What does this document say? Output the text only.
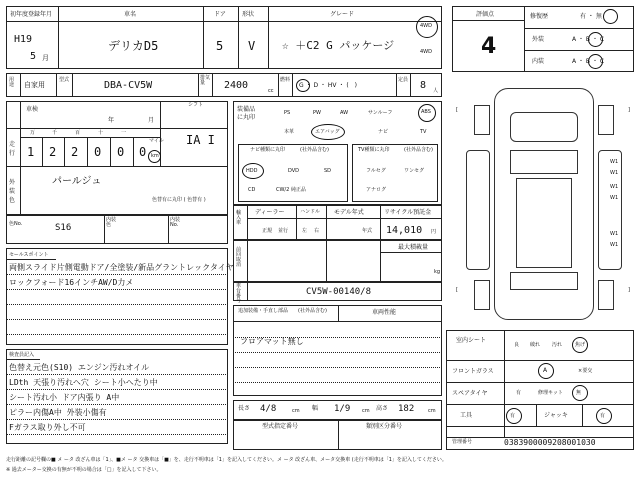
初年度登録年月
H19
5 月
車名
デリカD5
ドア
5
形状
V
グレード
☆ ＋C2 G パッケージ
4WD
4WD
用途	自家用
型式	DBA-CV5W
排気量	2400	cc
燃料
G ・ D ・ HV ・ (　)
定員 8 人
車検
年	月
シフト
IA I
走行
万	千	百	十	一
1 2 2 0 0 0
マイル
km
外装色
パールジュ
色替有に丸印 ( 色替有 )
色No.	S16
内装色
内装No.
セールスポイント
両側スライド片側電動ドア/全塗装/新品グラントレックタイヤ
ロックフォード16インチAW/D力メ
検査員記入
色替え元色(S10) エンジン汚れオイル
LDth 天張り汚れヘ穴 シート小へたり中
シート汚れ小 ドア内張り A中
ピラー内傷A中 外装小傷有
Fガラス取り外し不可
装備品に丸印
PS	PW	AW	サンルーフ	ABS
本革	エアバッグ	ナビ	TV
ナビ種類に丸印	(社外品含む)
HDD	DVD	SD
CD	CW/2 純正品
TV種類に丸印	(社外品含む)
フルセグ	ワンセグ
アナログ
輸入車
ディーラー	ハンドル
正規 並行	左 右
モデル年式	リサイクル預託金
年式 14,010 円
前回取消
最大積載量
kg
車台番号
CV5W-00140/8
追加装備・手直し部品 (社外品含む)	車両性能
フロアマット無し
長さ 4/8	cm 幅 1/9 cm 高さ 182	cm
型式指定番号	類別区分番号
評価点
4
修復歴
外装
内装
有 ・ 無
A ・ B ・ C
A ・ B ・ C
[
[
]
]
W1
W1
W1
W1
W1
W1
室内シート
良 破れ 汚れ	焦げ
フロントガラス	A	×要交
スペアタイヤ	有	修理キット	無
工具	有	ジャッキ	有
管理番号	0383900009208001030
走行距離の記号欄の■ メ ータ 改ざん車は「1」、■メ ータ 交換車は「■」を、走行不明車は「1」を記入してください。メ ータ 改ざん車、メータ交換車 (走行不明車は「1」を記入してください。
※ 過去メーター交換の有無が不明の場合は「□」を記入して下さい。
